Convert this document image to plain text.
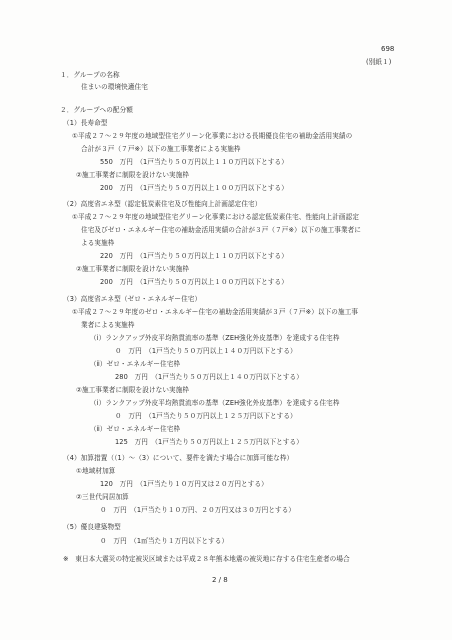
698
(別紙１)
１．グループの名称
住まいの環境快適住宅
２．グループへの配分額
（1）長寿命型
①平成２７～２９年度の地域型住宅グリーン化事業における長期優良住宅の補助金活用実績の
合計が３戸（７戸※）以下の施工事業者による実施枠
550　万円　（1戸当たり５０万円以上１１０万円以下とする）
②施工事業者に制限を設けない実施枠
200　万円　（1戸当たり５０万円以上１００万円以下とする）
（2）高度省エネ型（認定低炭素住宅及び性能向上計画認定住宅）
①平成２７～２９年度の地域型住宅グリーン化事業における認定低炭素住宅、性能向上計画認定
住宅及びゼロ・エネルギー住宅の補助金活用実績の合計が３戸（７戸※）以下の施工事業者に
よる実施枠
220　万円　（1戸当たり５０万円以上１１０万円以下とする）
②施工事業者に制限を設けない実施枠
200　万円　（1戸当たり５０万円以上１００万円以下とする）
（3）高度省エネ型（ゼロ・エネルギー住宅）
①平成２７～２９年度のゼロ・エネルギー住宅の補助金活用実績が３戸（７戸※）以下の施工事
業者による実施枠
（ⅰ）ランクアップ外皮平均熱貫流率の基準（ZEH強化外皮基準）を達成する住宅枠
０　万円　（1戸当たり５０万円以上１４０万円以下とする）
（ⅱ）ゼロ・エネルギー住宅枠
280　万円　（1戸当たり５０万円以上１４０万円以下とする）
②施工事業者に制限を設けない実施枠
（ⅰ）ランクアップ外皮平均熱貫流率の基準（ZEH強化外皮基準）を達成する住宅枠
０　万円　（1戸当たり５０万円以上１２５万円以下とする）
（ⅱ）ゼロ・エネルギー住宅枠
125　万円　（1戸当たり５０万円以上１２５万円以下とする）
（4）加算措置（（1）～（3）について、要件を満たす場合に加算可能な枠）
①地域材加算
120　万円　（1戸当たり１０万円又は２０万円とする）
②三世代同居加算
０　万円　（1戸当たり１０万円、２０万円又は３０万円とする）
（5）優良建築物型
０　万円　（1㎡当たり１万円以下とする）
※　東日本大震災の特定被災区域または平成２８年熊本地震の被災地に存する住宅生産者の場合
2 / 8
